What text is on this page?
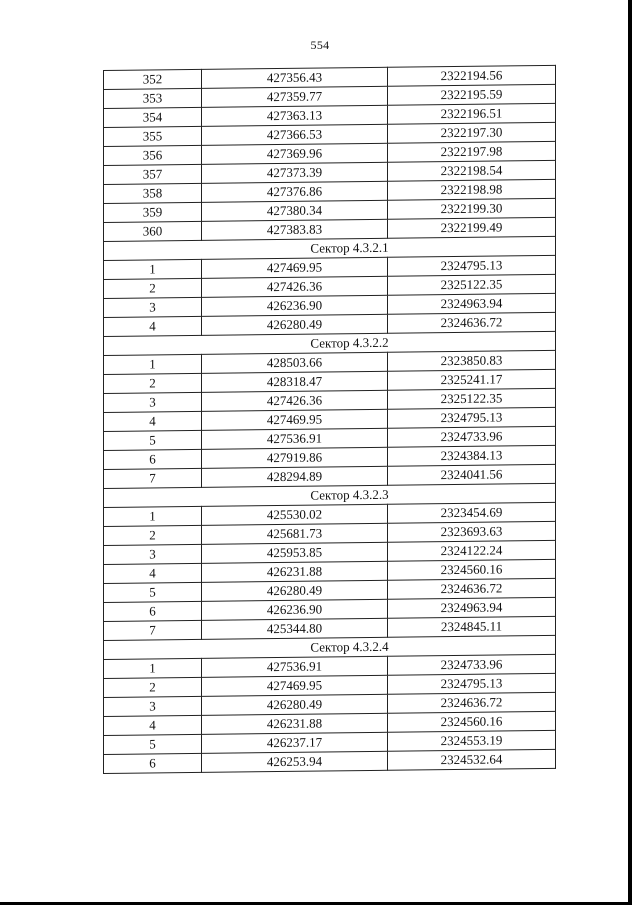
554
352	427356.43	2322194.56
353	427359.77	2322195.59
354	427363.13	2322196.51
355	427366.53	2322197.30
356	427369.96	2322197.98
357	427373.39	2322198.54
358	427376.86	2322198.98
359	427380.34	2322199.30
360	427383.83	2322199.49
Сектор 4.3.2.1		
1	427469.95	2324795.13
2	427426.36	2325122.35
3	426236.90	2324963.94
4	426280.49	2324636.72
Сектор 4.3.2.2		
1	428503.66	2323850.83
2	428318.47	2325241.17
3	427426.36	2325122.35
4	427469.95	2324795.13
5	427536.91	2324733.96
6	427919.86	2324384.13
7	428294.89	2324041.56
Сектор 4.3.2.3		
1	425530.02	2323454.69
2	425681.73	2323693.63
3	425953.85	2324122.24
4	426231.88	2324560.16
5	426280.49	2324636.72
6	426236.90	2324963.94
7	425344.80	2324845.11
Сектор 4.3.2.4		
1	427536.91	2324733.96
2	427469.95	2324795.13
3	426280.49	2324636.72
4	426231.88	2324560.16
5	426237.17	2324553.19
6	426253.94	2324532.64
